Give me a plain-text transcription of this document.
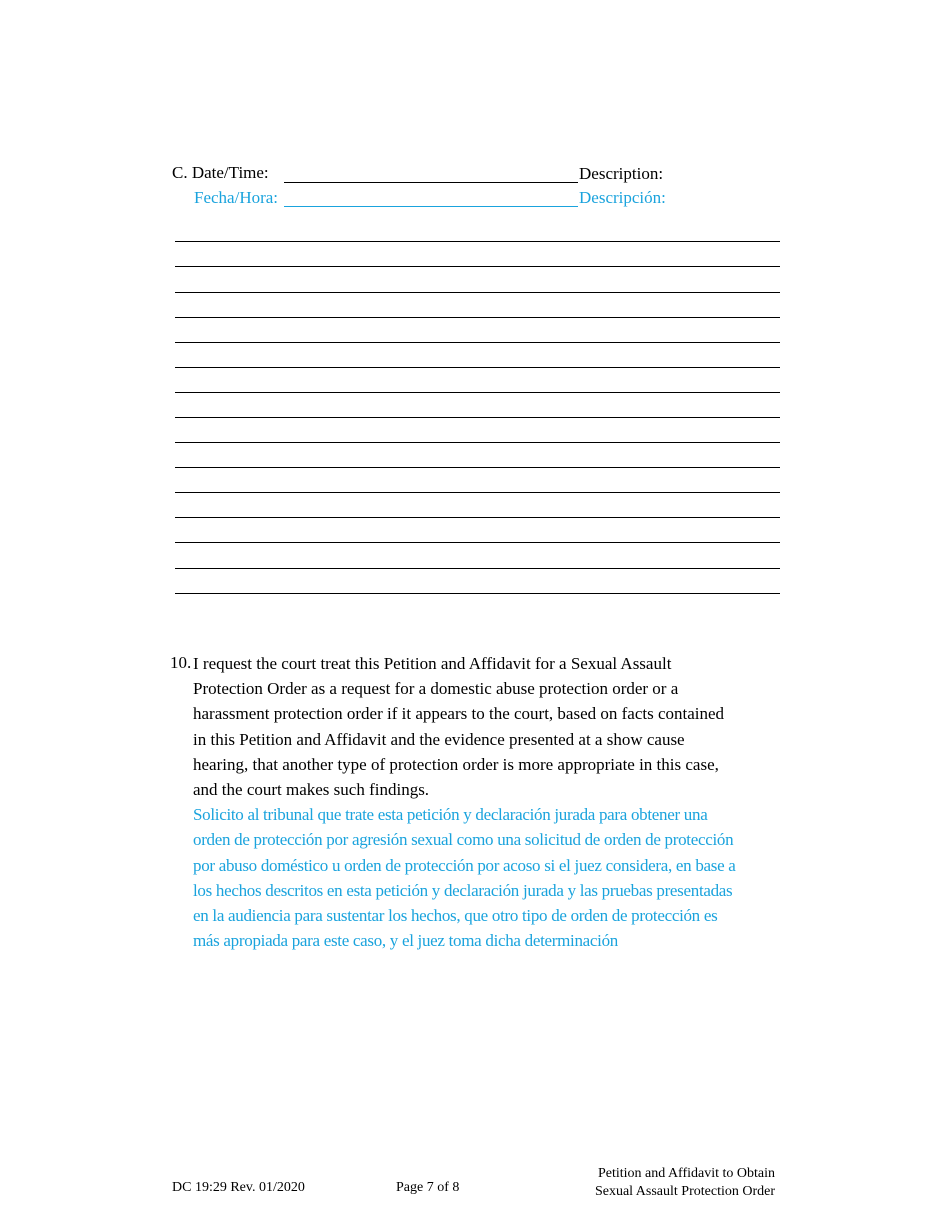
C. Date/Time:	Description:
Fecha/Hora:	Descripción:
10. I request the court treat this Petition and Affidavit for a Sexual Assault

Protection Order as a request for a domestic abuse protection order or a

harassment protection order if it appears to the court, based on facts contained

in this Petition and Affidavit and the evidence presented at a show cause

hearing, that another type of protection order is more appropriate in this case,

and the court makes such findings.

Solicito al tribunal que trate esta petición y declaración jurada para obtener una

orden de protección por agresión sexual como una solicitud de orden de protección

por abuso doméstico u orden de protección por acoso si el juez considera, en base a

los hechos descritos en esta petición y declaración jurada y las pruebas presentadas

en la audiencia para sustentar los hechos, que otro tipo de orden de protección es

más apropiada para este caso, y el juez toma dicha determinación

DC 19:29 Rev. 01/2020	Page 7 of 8
Petition and Affidavit to Obtain
Sexual Assault Protection Order
